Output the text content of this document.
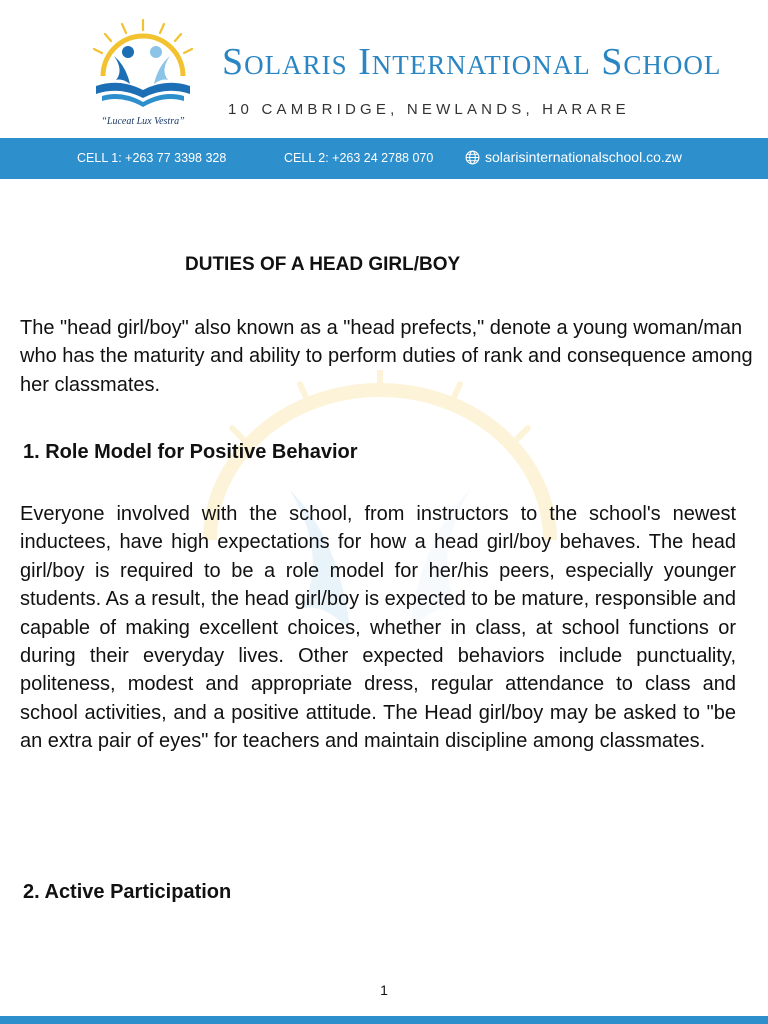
“Luceat Lux Vestra”
Solaris International School
10 CAMBRIDGE, NEWLANDS, HARARE
CELL 1: +263 77 3398 328	CELL 2: +263 24 2788 070	solarisinternationalschool.co.zw
DUTIES OF A HEAD GIRL/BOY

The "head girl/boy" also known as a "head prefects," denote a young woman/man who has the maturity and ability to perform duties of rank and consequence among her classmates.

1. Role Model for Positive Behavior

Everyone involved with the school, from instructors to the school's newest inductees, have high expectations for how a head girl/boy behaves. The head girl/boy is required to be a role model for her/his peers, especially younger students. As a result, the head girl/boy is expected to be mature, responsible and capable of making excellent choices, whether in class, at school functions or during their everyday lives. Other expected behaviors include punctuality, politeness, modest and appropriate dress, regular attendance to class and school activities, and a positive attitude. The Head girl/boy may be asked to "be an extra pair of eyes" for teachers and maintain discipline among classmates.

2. Active Participation
1
